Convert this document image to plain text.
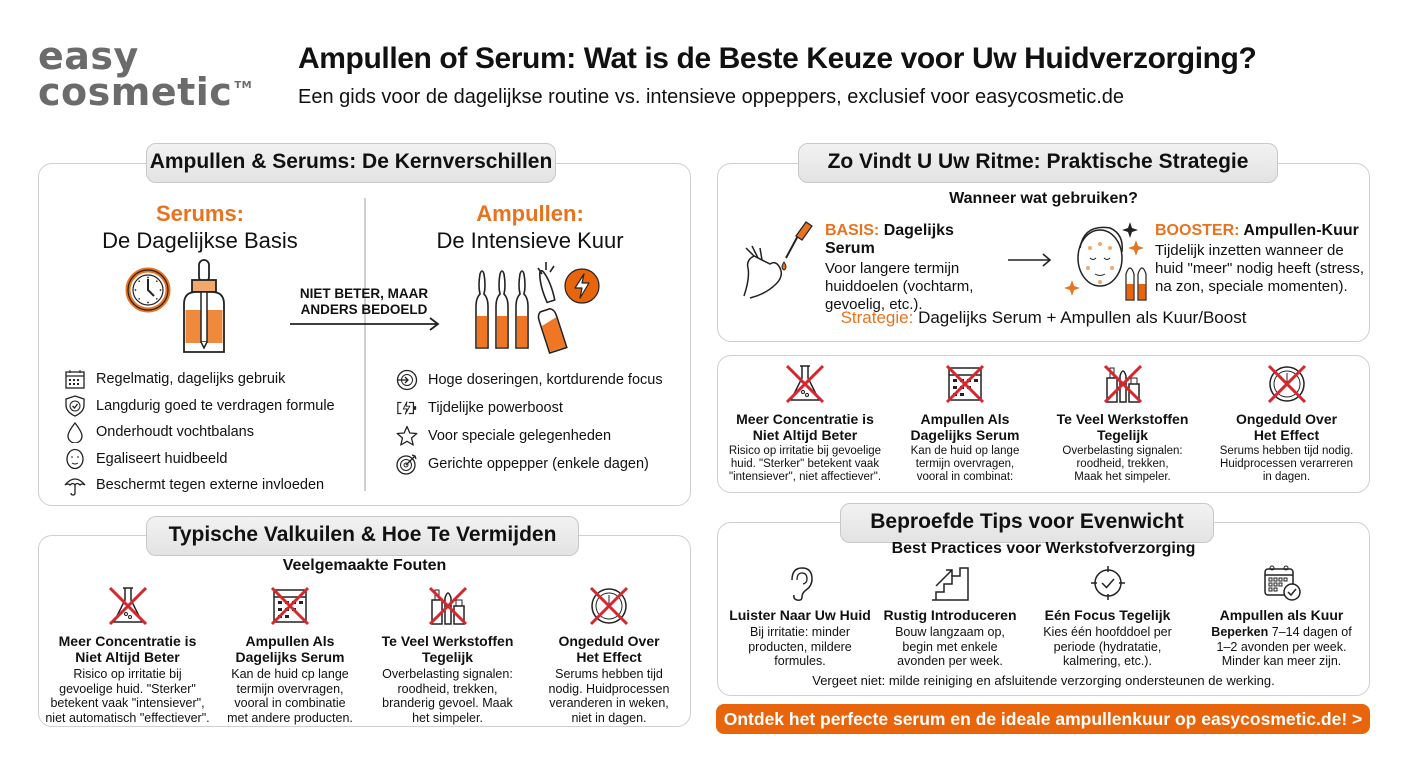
easy
cosmetic ™
Ampullen of Serum: Wat is de Beste Keuze voor Uw Huidverzorging?
Een gids voor de dagelijkse routine vs. intensieve oppeppers, exclusief voor easycosmetic.de
Ampullen & Serums: De Kernverschillen
Serums:
De Dagelijkse Basis
NIET BETER, MAAR
ANDERS BEDOELD
Ampullen:
De Intensieve Kuur
Regelmatig, dagelijks gebruik
Langdurig goed te verdragen formule
Onderhoudt vochtbalans
Egaliseert huidbeeld
Beschermt tegen externe invloeden
Hoge doseringen, kortdurende focus
Tijdelijke powerboost
Voor speciale gelegenheden
Gerichte oppepper (enkele dagen)
Typische Valkuilen & Hoe Te Vermijden
Veelgemaakte Fouten
Meer Concentratie is
Niet Altijd Beter
Risico op irritatie bij
gevoelige huid. "Sterker"
betekent vaak "intensiever",
niet automatisch "effectiever".
Ampullen Als
Dagelijks Serum
Kan de huid cp lange
termijn overvragen,
vooral in combinatie
met andere producten.
Te Veel Werkstoffen
Tegelijk
Overbelasting signalen:
roodheid, trekken,
branderig gevoel. Maak
het simpeler.
Ongeduld Over
Het Effect
Serums hebben tijd
nodig. Huidprocessen
veranderen in weken,
niet in dagen.
Zo Vindt U Uw Ritme: Praktische Strategie
Wanneer wat gebruiken?
BASIS: Dagelijks Serum
Voor langere termijn
huiddoelen (vochtarm,
gevoelig, etc.).
BOOSTER: Ampullen-Kuur
Tijdelijk inzetten wanneer de
huid "meer" nodig heeft (stress,
na zon, speciale momenten).
Strategie: Dagelijks Serum + Ampullen als Kuur/Boost
Meer Concentratie is
Niet Altijd Beter
Risico op irritatie bij gevoelige
huid. "Sterker" betekent vaak
"intensiever", niet affectiever".
Ampullen Als
Dagelijks Serum
Kan de huid op lange
termijn overvragen,
vooral in combinat:
Te Veel Werkstoffen
Tegelijk
Overbelasting signalen:
roodheid, trekken,
Maak het simpeler.
Ongeduld Over
Het Effect
Serums hebben tijd nodig.
Huidprocessen verarreren
in dagen.
Beproefde Tips voor Evenwicht
Best Practices voor Werkstofverzorging
Luister Naar Uw Huid
Bij irritatie: minder
producten, mildere
formules.
Rustig Introduceren
Bouw langzaam op,
begin met enkele
avonden per week.
Eén Focus Tegelijk
Kies één hoofddoel per
periode (hydratatie,
kalmering, etc.).
Ampullen als Kuur
Beperken 7–14 dagen of
1–2 avonden per week.
Minder kan meer zijn.
Vergeet niet: milde reiniging en afsluitende verzorging ondersteunen de werking.
Ontdek het perfecte serum en de ideale ampullenkuur op easycosmetic.de! >
